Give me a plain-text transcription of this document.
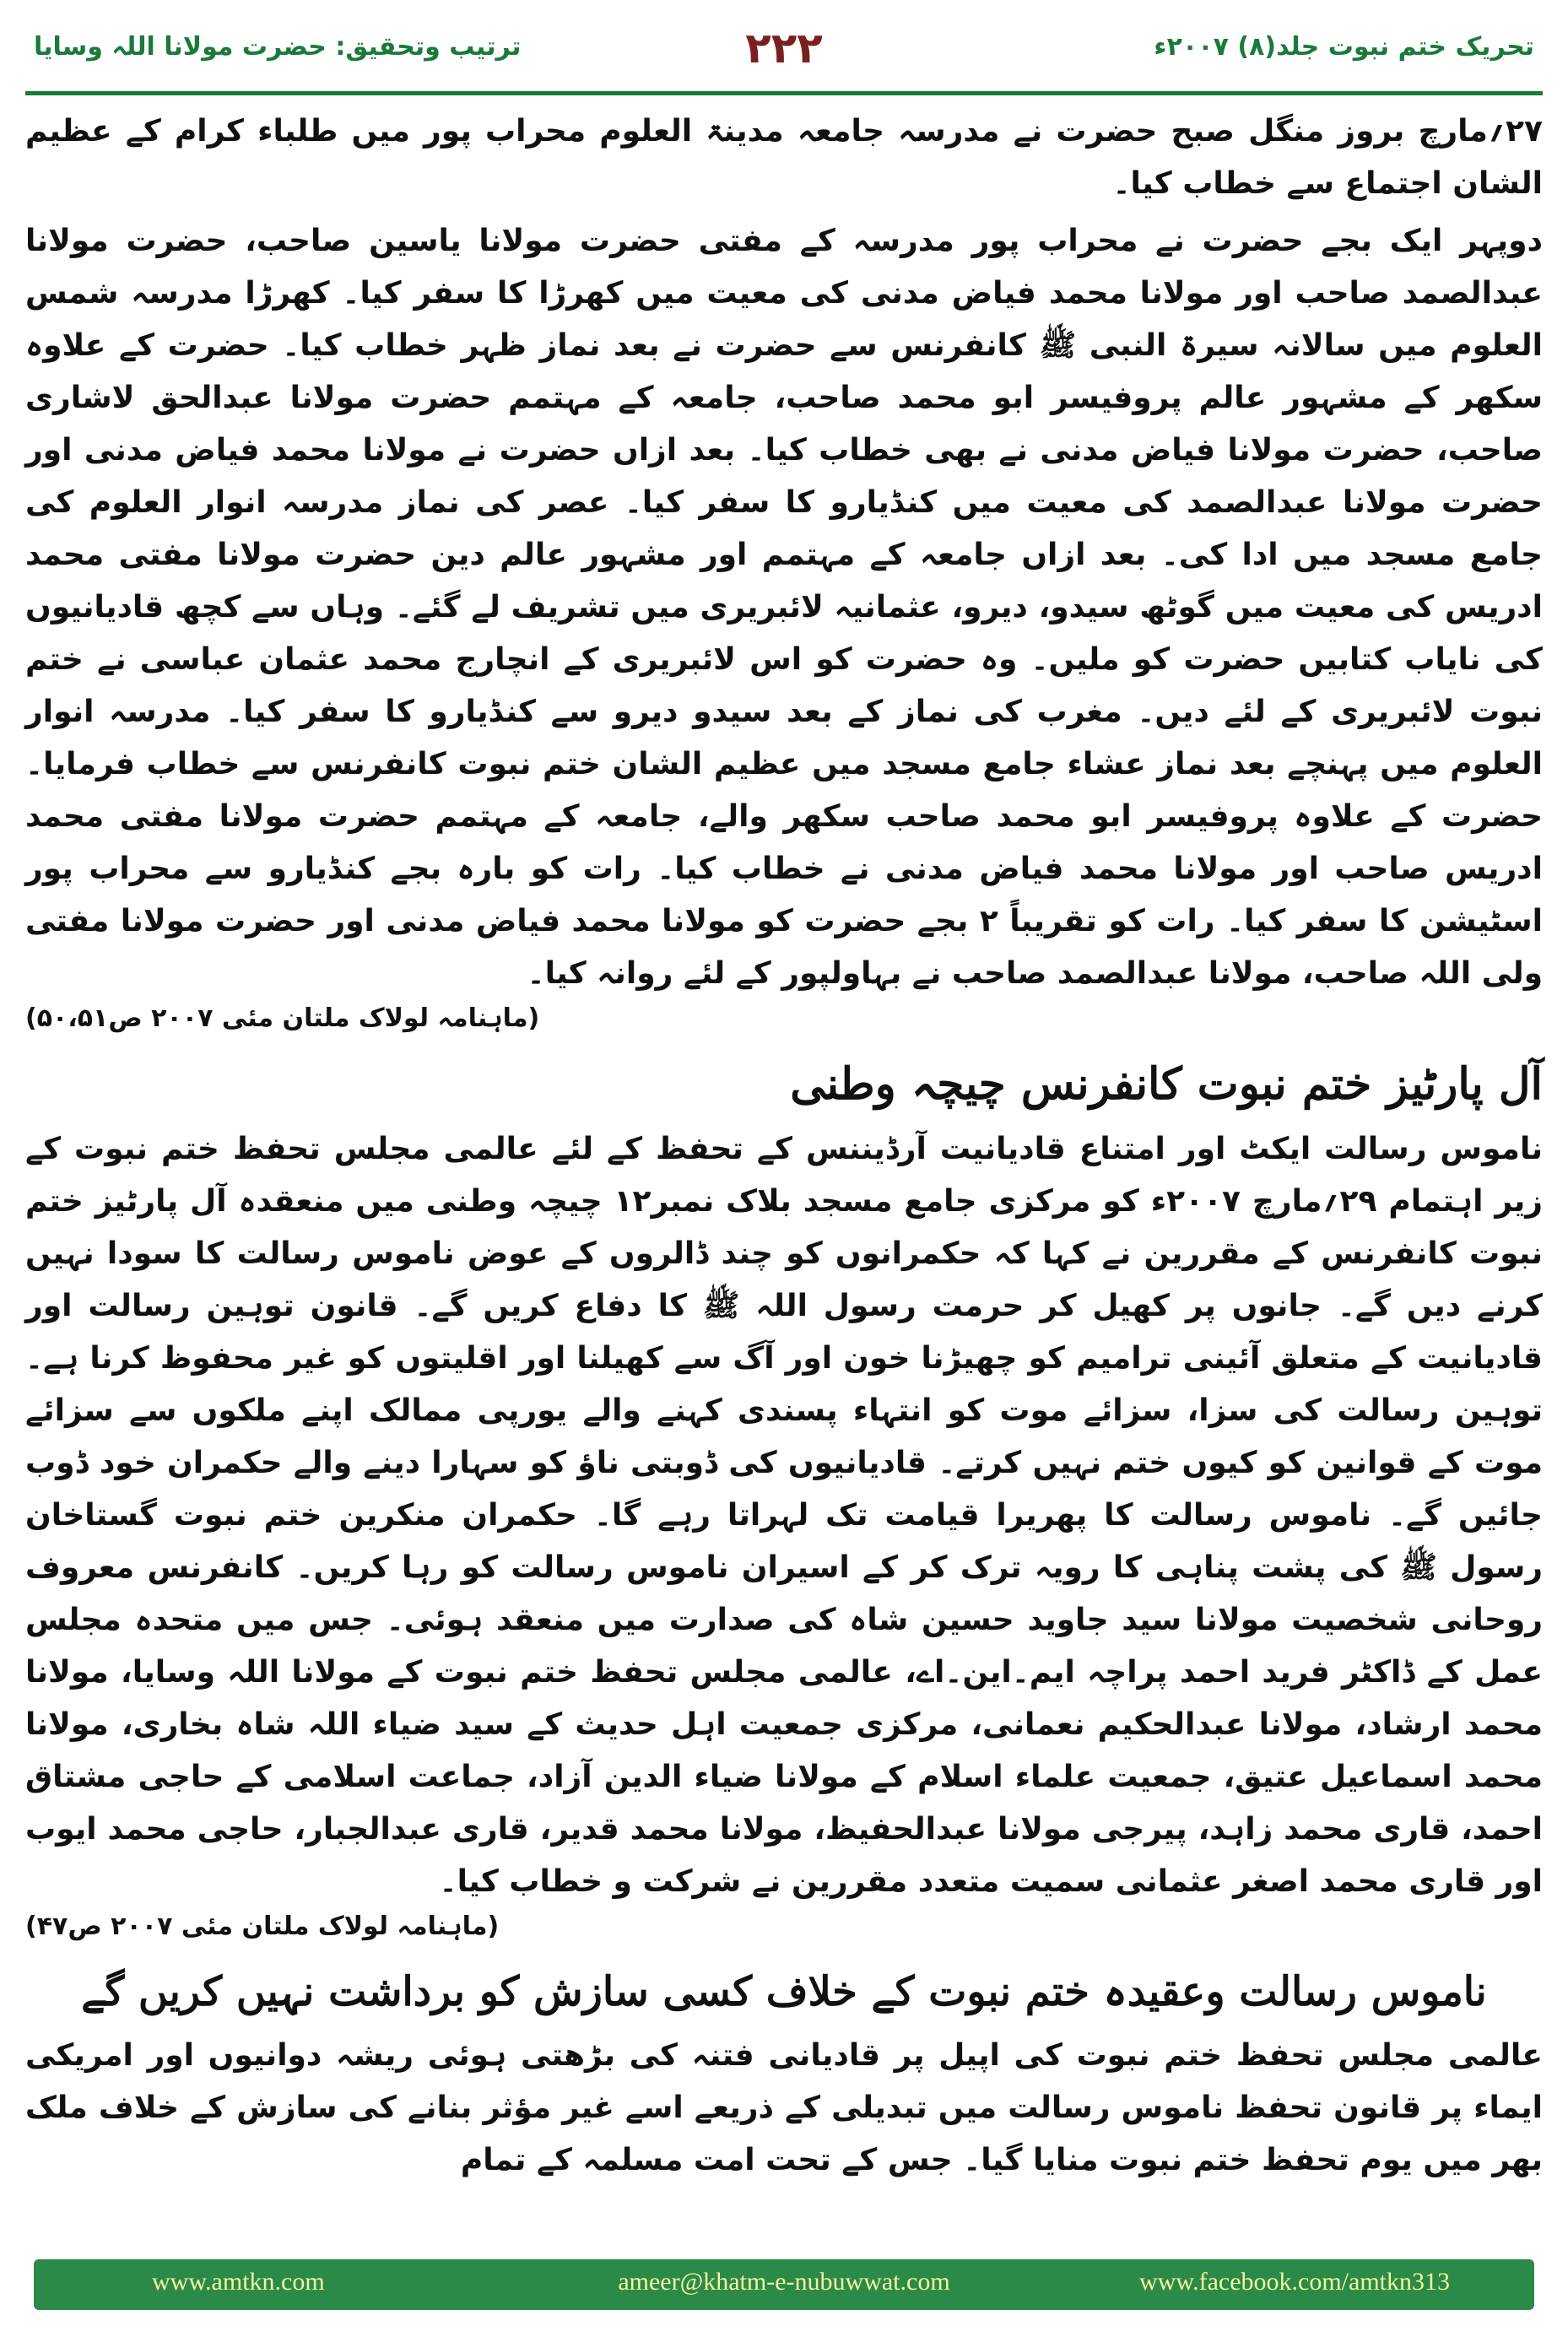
ترتیب وتحقیق: حضرت مولانا اللہ وسایا	۲۲۲	تحریک ختم نبوت جلد(۸) ۲۰۰۷ء

۲۷؍مارچ بروز منگل صبح حضرت نے مدرسہ جامعہ مدینۃ العلوم محراب پور میں طلباء کرام کے عظیم الشان اجتماع سے خطاب کیا۔

دوپہر ایک بجے حضرت نے محراب پور مدرسہ کے مفتی حضرت مولانا یاسین صاحب، حضرت مولانا عبدالصمد صاحب اور مولانا محمد فیاض مدنی کی معیت میں کھرڑا کا سفر کیا۔ کھرڑا مدرسہ شمس العلوم میں سالانہ سیرۃ النبی ﷺ کانفرنس سے حضرت نے بعد نماز ظہر خطاب کیا۔ حضرت کے علاوہ سکھر کے مشہور عالم پروفیسر ابو محمد صاحب، جامعہ کے مہتمم حضرت مولانا عبدالحق لاشاری صاحب، حضرت مولانا فیاض مدنی نے بھی خطاب کیا۔ بعد ازاں حضرت نے مولانا محمد فیاض مدنی اور حضرت مولانا عبدالصمد کی معیت میں کنڈیارو کا سفر کیا۔ عصر کی نماز مدرسہ انوار العلوم کی جامع مسجد میں ادا کی۔ بعد ازاں جامعہ کے مہتمم اور مشہور عالم دین حضرت مولانا مفتی محمد ادریس کی معیت میں گوٹھ سیدو، دیرو، عثمانیہ لائبریری میں تشریف لے گئے۔ وہاں سے کچھ قادیانیوں کی نایاب کتابیں حضرت کو ملیں۔ وہ حضرت کو اس لائبریری کے انچارج محمد عثمان عباسی نے ختم نبوت لائبریری کے لئے دیں۔ مغرب کی نماز کے بعد سیدو دیرو سے کنڈیارو کا سفر کیا۔ مدرسہ انوار العلوم میں پہنچے بعد نماز عشاء جامع مسجد میں عظیم الشان ختم نبوت کانفرنس سے خطاب فرمایا۔ حضرت کے علاوہ پروفیسر ابو محمد صاحب سکھر والے، جامعہ کے مہتمم حضرت مولانا مفتی محمد ادریس صاحب اور مولانا محمد فیاض مدنی نے خطاب کیا۔ رات کو بارہ بجے کنڈیارو سے محراب پور اسٹیشن کا سفر کیا۔ رات کو تقریباً ۲ بجے حضرت کو مولانا محمد فیاض مدنی اور حضرت مولانا مفتی ولی اللہ صاحب، مولانا عبدالصمد صاحب نے بہاولپور کے لئے روانہ کیا۔

(ماہنامہ لولاک ملتان مئی ۲۰۰۷ ص۵۰،۵۱)
آل پارٹیز ختم نبوت کانفرنس چیچہ وطنی

ناموس رسالت ایکٹ اور امتناع قادیانیت آرڈیننس کے تحفظ کے لئے عالمی مجلس تحفظ ختم نبوت کے زیر اہتمام ۲۹؍مارچ ۲۰۰۷ء کو مرکزی جامع مسجد بلاک نمبر۱۲ چیچہ وطنی میں منعقدہ آل پارٹیز ختم نبوت کانفرنس کے مقررین نے کہا کہ حکمرانوں کو چند ڈالروں کے عوض ناموس رسالت کا سودا نہیں کرنے دیں گے۔ جانوں پر کھیل کر حرمت رسول اللہ ﷺ کا دفاع کریں گے۔ قانون توہین رسالت اور قادیانیت کے متعلق آئینی ترامیم کو چھیڑنا خون اور آگ سے کھیلنا اور اقلیتوں کو غیر محفوظ کرنا ہے۔ توہین رسالت کی سزا، سزائے موت کو انتہاء پسندی کہنے والے یورپی ممالک اپنے ملکوں سے سزائے موت کے قوانین کو کیوں ختم نہیں کرتے۔ قادیانیوں کی ڈوبتی ناؤ کو سہارا دینے والے حکمران خود ڈوب جائیں گے۔ ناموس رسالت کا پھریرا قیامت تک لہراتا رہے گا۔ حکمران منکرین ختم نبوت گستاخان رسول ﷺ کی پشت پناہی کا رویہ ترک کر کے اسیران ناموس رسالت کو رہا کریں۔ کانفرنس معروف روحانی شخصیت مولانا سید جاوید حسین شاہ کی صدارت میں منعقد ہوئی۔ جس میں متحدہ مجلس عمل کے ڈاکٹر فرید احمد پراچہ ایم۔این۔اے، عالمی مجلس تحفظ ختم نبوت کے مولانا اللہ وسایا، مولانا محمد ارشاد، مولانا عبدالحکیم نعمانی، مرکزی جمعیت اہل حدیث کے سید ضیاء اللہ شاہ بخاری، مولانا محمد اسماعیل عتیق، جمعیت علماء اسلام کے مولانا ضیاء الدین آزاد، جماعت اسلامی کے حاجی مشتاق احمد، قاری محمد زاہد، پیرجی مولانا عبدالحفیظ، مولانا محمد قدیر، قاری عبدالجبار، حاجی محمد ایوب اور قاری محمد اصغر عثمانی سمیت متعدد مقررین نے شرکت و خطاب کیا۔

(ماہنامہ لولاک ملتان مئی ۲۰۰۷ ص۴۷)
ناموس رسالت وعقیدہ ختم نبوت کے خلاف کسی سازش کو برداشت نہیں کریں گے

عالمی مجلس تحفظ ختم نبوت کی اپیل پر قادیانی فتنہ کی بڑھتی ہوئی ریشہ دوانیوں اور امریکی ایماء پر قانون تحفظ ناموس رسالت میں تبدیلی کے ذریعے اسے غیر مؤثر بنانے کی سازش کے خلاف ملک بھر میں یوم تحفظ ختم نبوت منایا گیا۔ جس کے تحت امت مسلمہ کے تمام

www.amtkn.com	ameer@khatm-e-nubuwwat.com	www.facebook.com/amtkn313
